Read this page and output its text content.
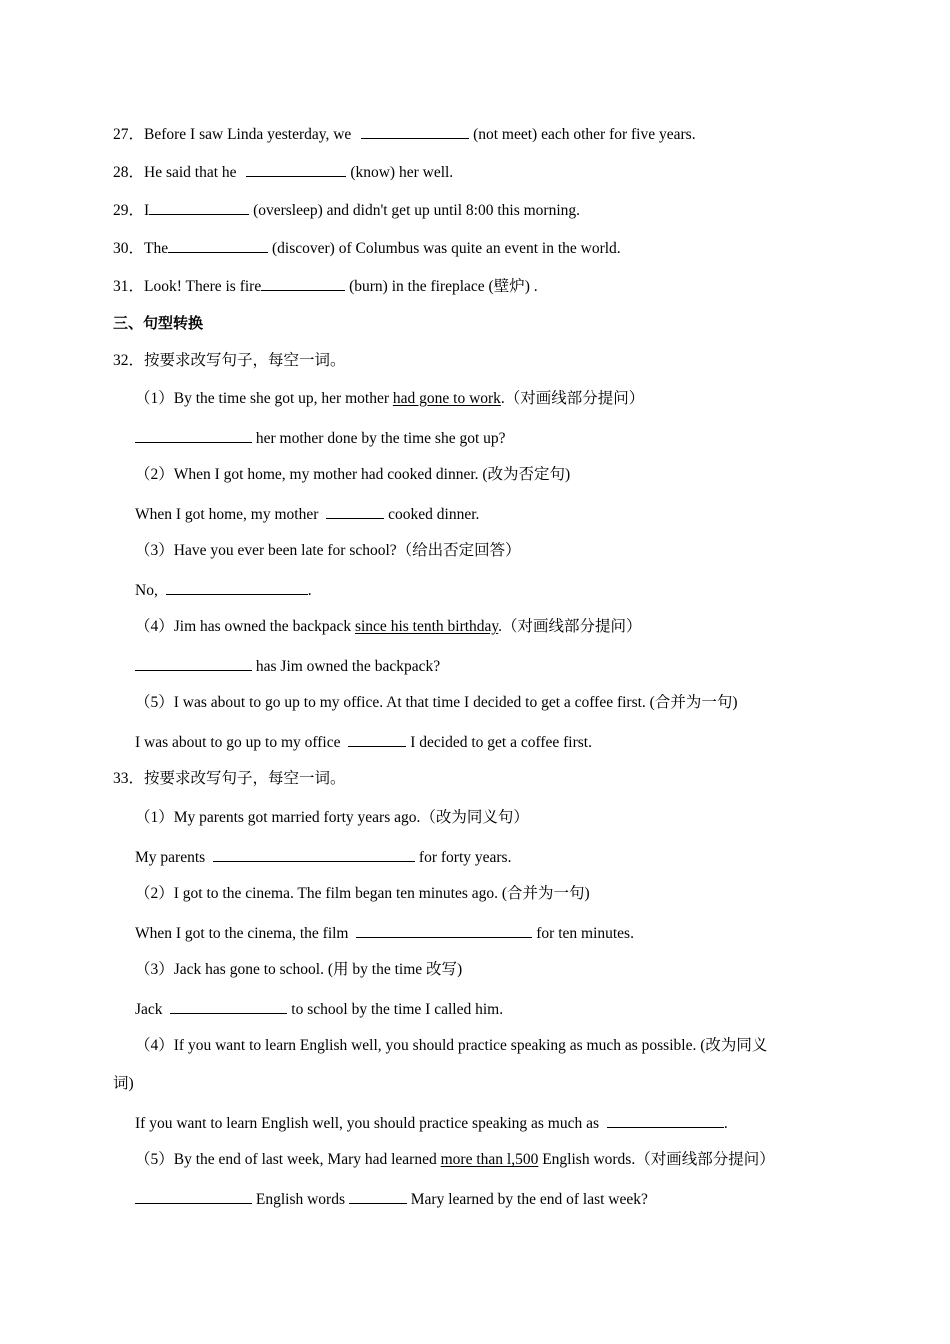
27．Before I saw Linda yesterday, we	(not meet) each other for five years.
28．He said that he	(know) her well.
29．I	(oversleep) and didn't get up until 8:00 this morning.
30．The	(discover) of Columbus was quite an event in the world.
31．Look! There is fire	(burn) in the fireplace (壁炉) .
三、句型转换
32．按要求改写句子，每空一词。
（1）By the time she got up, her mother had gone to work.（对画线部分提问）
her mother done by the time she got up?
（2）When I got home, my mother had cooked dinner. (改为否定句)
When I got home, my mother	cooked dinner.
（3）Have you ever been late for school?（给出否定回答）
No,	.
（4）Jim has owned the backpack since his tenth birthday.（对画线部分提问）
has Jim owned the backpack?
（5）I was about to go up to my office. At that time I decided to get a coffee first. (合并为一句)
I was about to go up to my office	I decided to get a coffee first.
33．按要求改写句子，每空一词。
（1）My parents got married forty years ago.（改为同义句）
My parents	for forty years.
（2）I got to the cinema. The film began ten minutes ago. (合并为一句)
When I got to the cinema, the film	for ten minutes.
（3）Jack has gone to school. (用 by the time 改写)
Jack	to school by the time I called him.
（4）If you want to learn English well, you should practice speaking as much as possible. (改为同义
词)
If you want to learn English well, you should practice speaking as much as	.
（5）By the end of last week, Mary had learned more than l,500 English words.（对画线部分提问）
English words	Mary learned by the end of last week?
